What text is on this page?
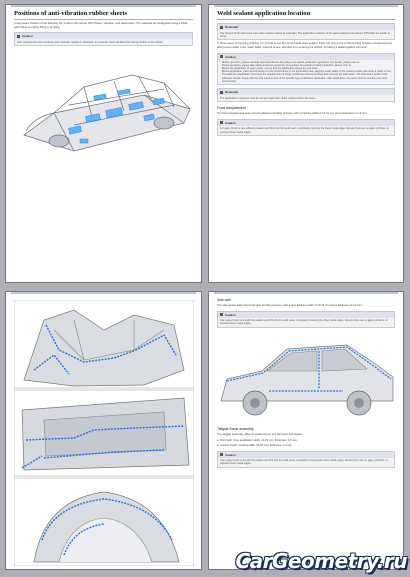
Positions of anti-vibration rubber sheets
Cross-panel: Position of the damping film is laid in the vehicle NVH (Noise, Vibration, and Harshness). The materials are designated using a PA66, with rubber-to-rubber filling or bonding.
Caution
After repairing the area involving such materials, replace it; otherwise, the possible noise will affect the driving comfort of the vehicle.
Weld sealant application location
Reminder
The content of this document uses other vehicle models as examples. The application positions of the weld sealant for the Roewe RX5 MAX are similar to these.
In these cases of repairing vehicles, it is crucial to use the correct weld seam sealant. Pairs can only prove to the bonding between components but also prevent water noise, water leaks, external fumes, and dust from entering the vehicle, providing a sealed against corrosion.
Caution
Before operation, please carefully read and observe the safety and vehicle protection regulations. For details, please refer to.
During operation, please take safety protection measures as required. For details of safety protection, please refer to.
Before the application of seam sealer, ensure that the application area is dry and clean.
Before application, paint and corrosion test the performance in the application area, applying seam sealer to the coated surface will cause a crash of rust.
The adhesive application must meet the requirements of being continuous and evenly filling and covering the weld seam. The weld seam profile of the adhesive should comply with the size requirements of the specific type of adhesive application. After application, the seam must be smooth, even and well-bonded.
Reminder
The application method for both the left and right sides of the vehicle body is the same.
Front compartment
The front compartment uses a brush adhesive bonding process, with a finishing width of 10-15 mm and a thickness of 1-3 mm.
Caution
For gaps, brush to use adhesive sealant and fill in into the weld seam, completely covering the sheet metal edges. Ensure there are no gaps, pinholes, or exposed sheet metal edges.
Side wall
The side panels adopt the brush glue bonding process, with a glue finishing width of 10-15 mm and a thickness of 1-3 mm.
Caution
Use a glue brush to smooth the sealant and fill it into the weld seam, completely covering the sheet metal edges. Ensure there are no gaps, pinholes, or exposed sheet metal edges.
Tailgate frame assembly
The tailgate assembly, different sealant brush and flat brush techniques.
a. Flat brush: Glue application width: 10-15 mm, thickness: 1-3 mm.
b. Contour brush: Coating width: 10-15 mm, thickness: 1-3 mm.
Caution
Use a glue brush to smooth the sealant and fill it into the weld seam, completely covering the sheet metal edges. Ensure there are no gaps, pinholes, or exposed sheet metal edges.
CarGeometry.ru
